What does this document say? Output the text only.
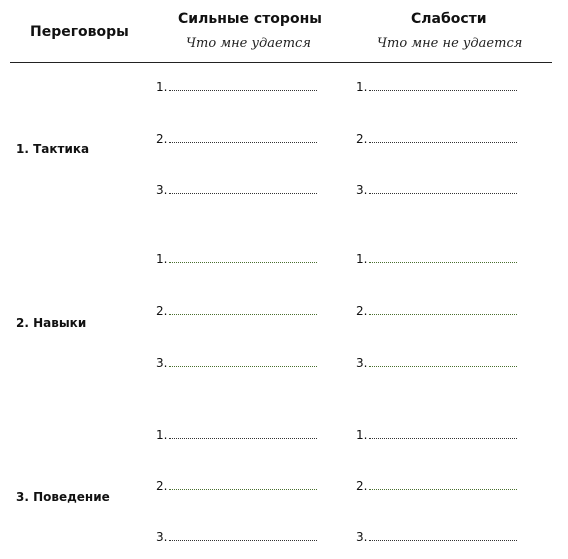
Переговоры
Сильные стороны
Что мне удается
Слабости
Что мне не удается
1. Тактика
1.
2.
3.
1.
2.
3.
2. Навыки
1.
2.
3.
1.
2.
3.
3. Поведение
1.
2.
3.
1.
2.
3.
